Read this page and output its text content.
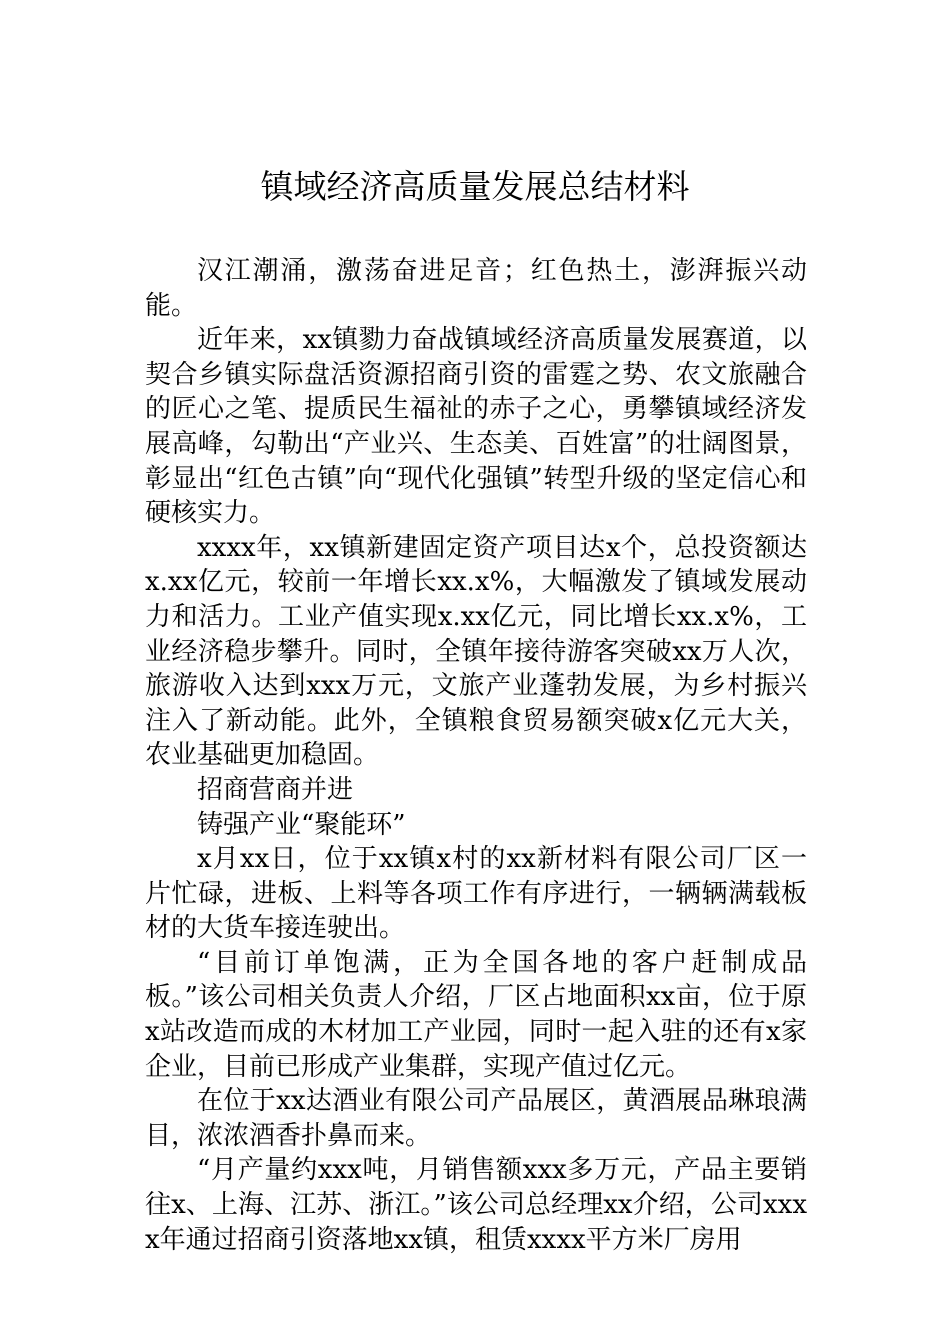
镇域经济高质量发展总结材料

汉江潮涌，激荡奋进足音；红色热土，澎湃振兴动能。

近年来，xx镇勠力奋战镇域经济高质量发展赛道，以契合乡镇实际盘活资源招商引资的雷霆之势、农文旅融合的匠心之笔、提质民生福祉的赤子之心，勇攀镇域经济发展高峰，勾勒出“产业兴、生态美、百姓富”的壮阔图景，彰显出“红色古镇”向“现代化强镇”转型升级的坚定信心和硬核实力。

xxxx年，xx镇新建固定资产项目达x个，总投资额达x.xx亿元，较前一年增长xx.x%，大幅激发了镇域发展动力和活力。工业产值实现x.xx亿元，同比增长xx.x%，工业经济稳步攀升。同时，全镇年接待游客突破xx万人次，旅游收入达到xxx万元，文旅产业蓬勃发展，为乡村振兴注入了新动能。此外，全镇粮食贸易额突破x亿元大关，农业基础更加稳固。

招商营商并进

铸强产业“聚能环”

x月xx日，位于xx镇x村的xx新材料有限公司厂区一片忙碌，进板、上料等各项工作有序进行，一辆辆满载板材的大货车接连驶出。

“目前订单饱满，正为全国各地的客户赶制成品板。”该公司相关负责人介绍，厂区占地面积xx亩，位于原x站改造而成的木材加工产业园，同时一起入驻的还有x家企业，目前已形成产业集群，实现产值过亿元。

在位于xx达酒业有限公司产品展区，黄酒展品琳琅满目，浓浓酒香扑鼻而来。

“月产量约xxx吨，月销售额xxx多万元，产品主要销往x、上海、江苏、浙江。”该公司总经理xx介绍，公司xxxx年通过招商引资落地xx镇，租赁xxxx平方米厂房用
